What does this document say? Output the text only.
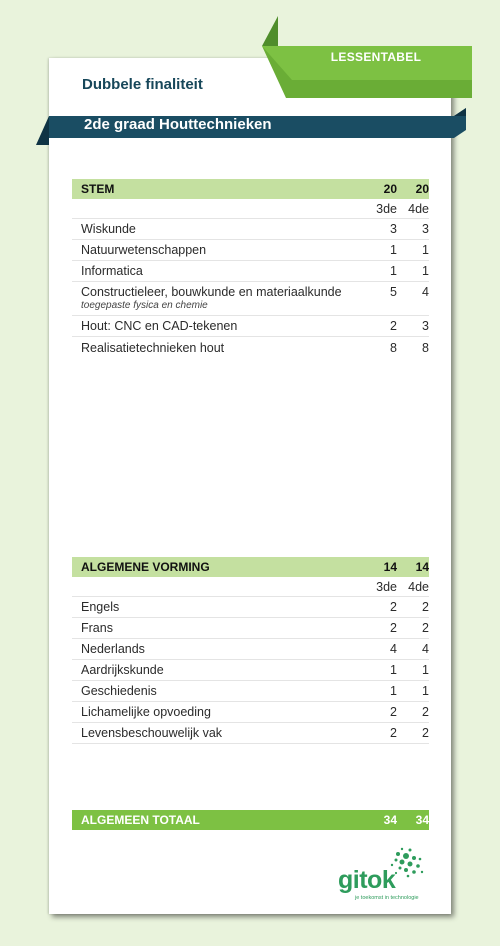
LESSENTABEL
Dubbele finaliteit
2de graad Houttechnieken
STEM	20	20
3de 4de
Wiskunde	3	3
Natuurwetenschappen	1	1
Informatica	1	1
Constructieleer, bouwkunde en materiaalkunde
toegepaste fysica en chemie
5	4
Hout: CNC en CAD-tekenen	2	3
Realisatietechnieken hout	8	8
ALGEMENE VORMING	14	14
3de 4de
Engels	2	2
Frans	2	2
Nederlands	4	4
Aardrijkskunde	1	1
Geschiedenis	1	1
Lichamelijke opvoeding	2	2
Levensbeschouwelijk vak	2	2
ALGEMEEN TOTAAL	34	34
gitok
je toekomst in technologie
